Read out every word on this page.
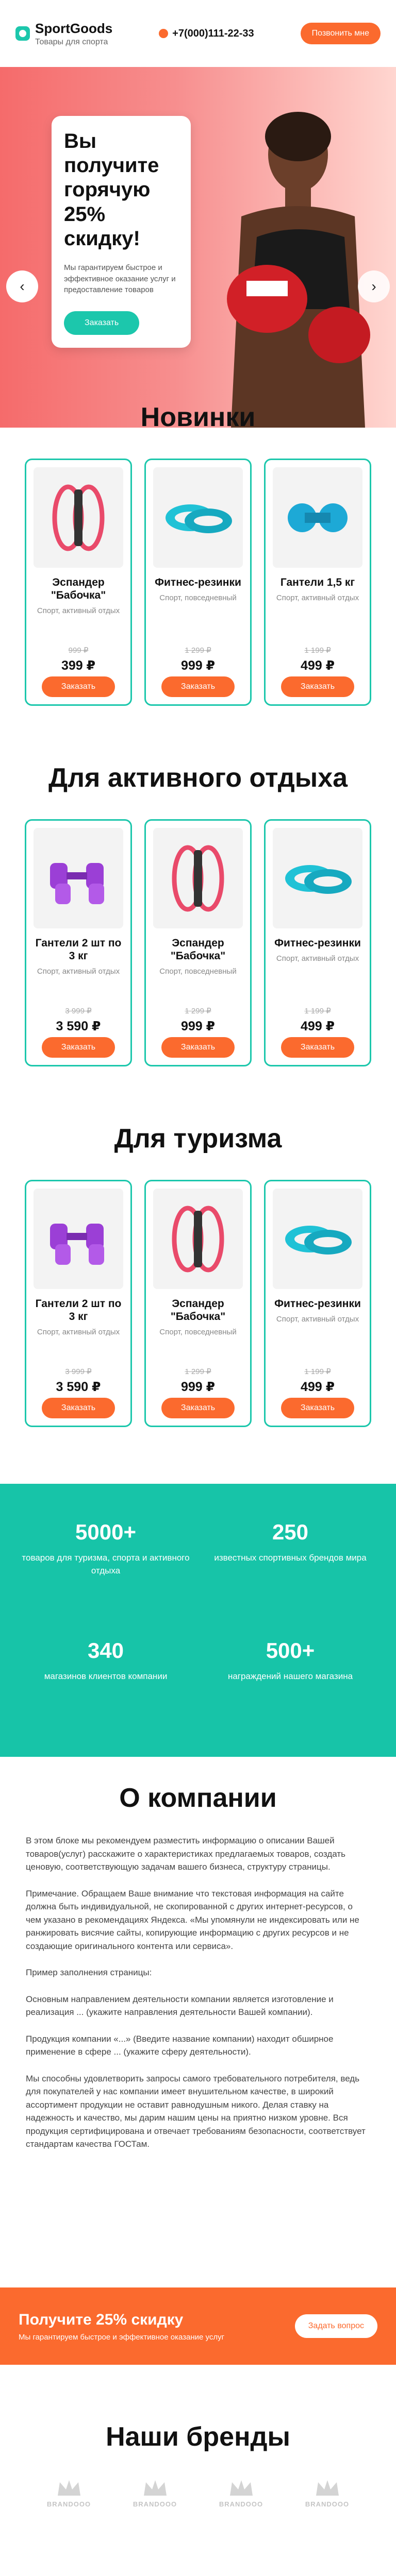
SportGoods
Товары для спорта
+7(000)111-22-33	Позвонить мне
Вы получите горячую 25% скидку!

Мы гарантируем быстрое и эффективное оказание услуг и предоставление товаров

Заказать
‹	›
Новинки
Эспандер "Бабочка"
Спорт, активный отдых
999 ₽
399 ₽
Заказать
Фитнес-резинки
Спорт, повседневный
1 299 ₽
999 ₽
Заказать
Гантели 1,5 кг
Спорт, активный отдых
1 199 ₽
499 ₽
Заказать
Для активного отдыха
Гантели 2 шт по 3 кг
Спорт, активный отдых
3 999 ₽
3 590 ₽
Заказать
Эспандер "Бабочка"
Спорт, повседневный
1 299 ₽
999 ₽
Заказать
Фитнес-резинки
Спорт, активный отдых
1 199 ₽
499 ₽
Заказать
Для туризма
Гантели 2 шт по 3 кг
Спорт, активный отдых
3 999 ₽
3 590 ₽
Заказать
Эспандер "Бабочка"
Спорт, повседневный
1 299 ₽
999 ₽
Заказать
Фитнес-резинки
Спорт, активный отдых
1 199 ₽
499 ₽
Заказать
5000+
товаров для туризма, спорта и активного отдыха
250
известных спортивных брендов мира
340
магазинов клиентов компании
500+
награждений нашего магазина
О компании

В этом блоке мы рекомендуем разместить информацию о описании Вашей товаров(услуг) расскажите о характеристиках предлагаемых товаров, создать ценовую, соответствующую задачам вашего бизнеса, структуру страницы.

Примечание. Обращаем Ваше внимание что текстовая информация на сайте должна быть индивидуальной, не скопированной с других интернет-ресурсов, о чем указано в рекомендациях Яндекса. «Мы упомянули не индексировать или не ранжировать висячие сайты, копирующие информацию с других ресурсов и не создающие оригинального контента или сервиса».

Пример заполнения страницы:

Основным направлением деятельности компании является изготовление и реализация ... (укажите направления деятельности Вашей компании).

Продукция компании «...» (Введите название компании) находит обширное применение в сфере ... (укажите сферу деятельности).

Мы способны удовлетворить запросы самого требовательного потребителя, ведь для покупателей у нас компании имеет внушительном качестве, в широкий ассортимент продукции не оставит равнодушным никого. Делая ставку на надежность и качество, мы дарим нашим цены на приятно низком уровне. Вся продукция сертифицирована и отвечает требованиям безопасности, соответствует стандартам качества ГОСТам.

Получите 25% скидку

Мы гарантируем быстрое и эффективное оказание услуг

Задать вопрос
Наши бренды
BRANDOOO	BRANDOOO	BRANDOOO	BRANDOOO
